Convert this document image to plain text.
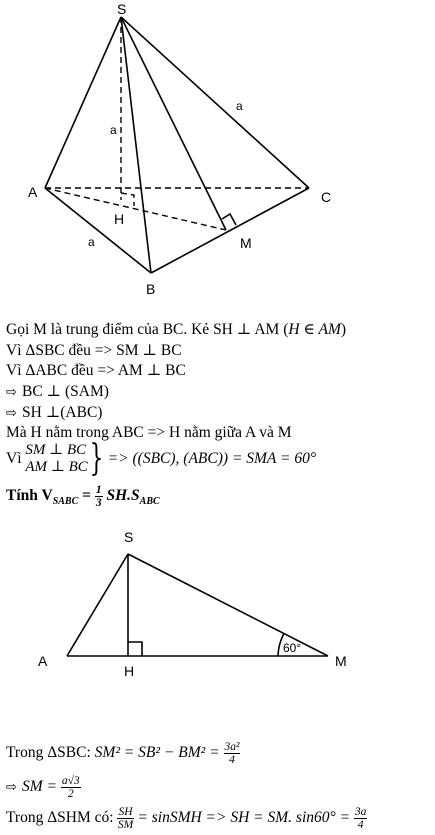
S
A
B
C
H
M
a
a
a
Gọi M là trung điểm của BC. Kẻ SH ⊥ AM (H ∈ AM)
Vì ΔSBC đều => SM ⊥ BC
Vì ΔABC đều => AM ⊥ BC
⇨ BC ⊥ (SAM)
⇨ SH ⊥(ABC)
Mà H nằm trong ABC => H nằm giữa A và M
Vì SM ⊥ BC
AM ⊥ BC } => ((SBC), (ABC)) = SMA = 60°
Tính $V_{SABC} = \frac{1}{3} SH.S_{ABC}$
S
A
H
M
60°
Trong ΔSBC: $SM^2 = SB^2 - BM^2 = \frac{\text{3a²}}{4}$
⇨ SM = $\frac{a√3}{2}$
Trong ΔSHM có: $\frac{SH}{SM}$ = sinSMH => SH = SM. $\sin 60^\circ = \frac{3a}{4}$
